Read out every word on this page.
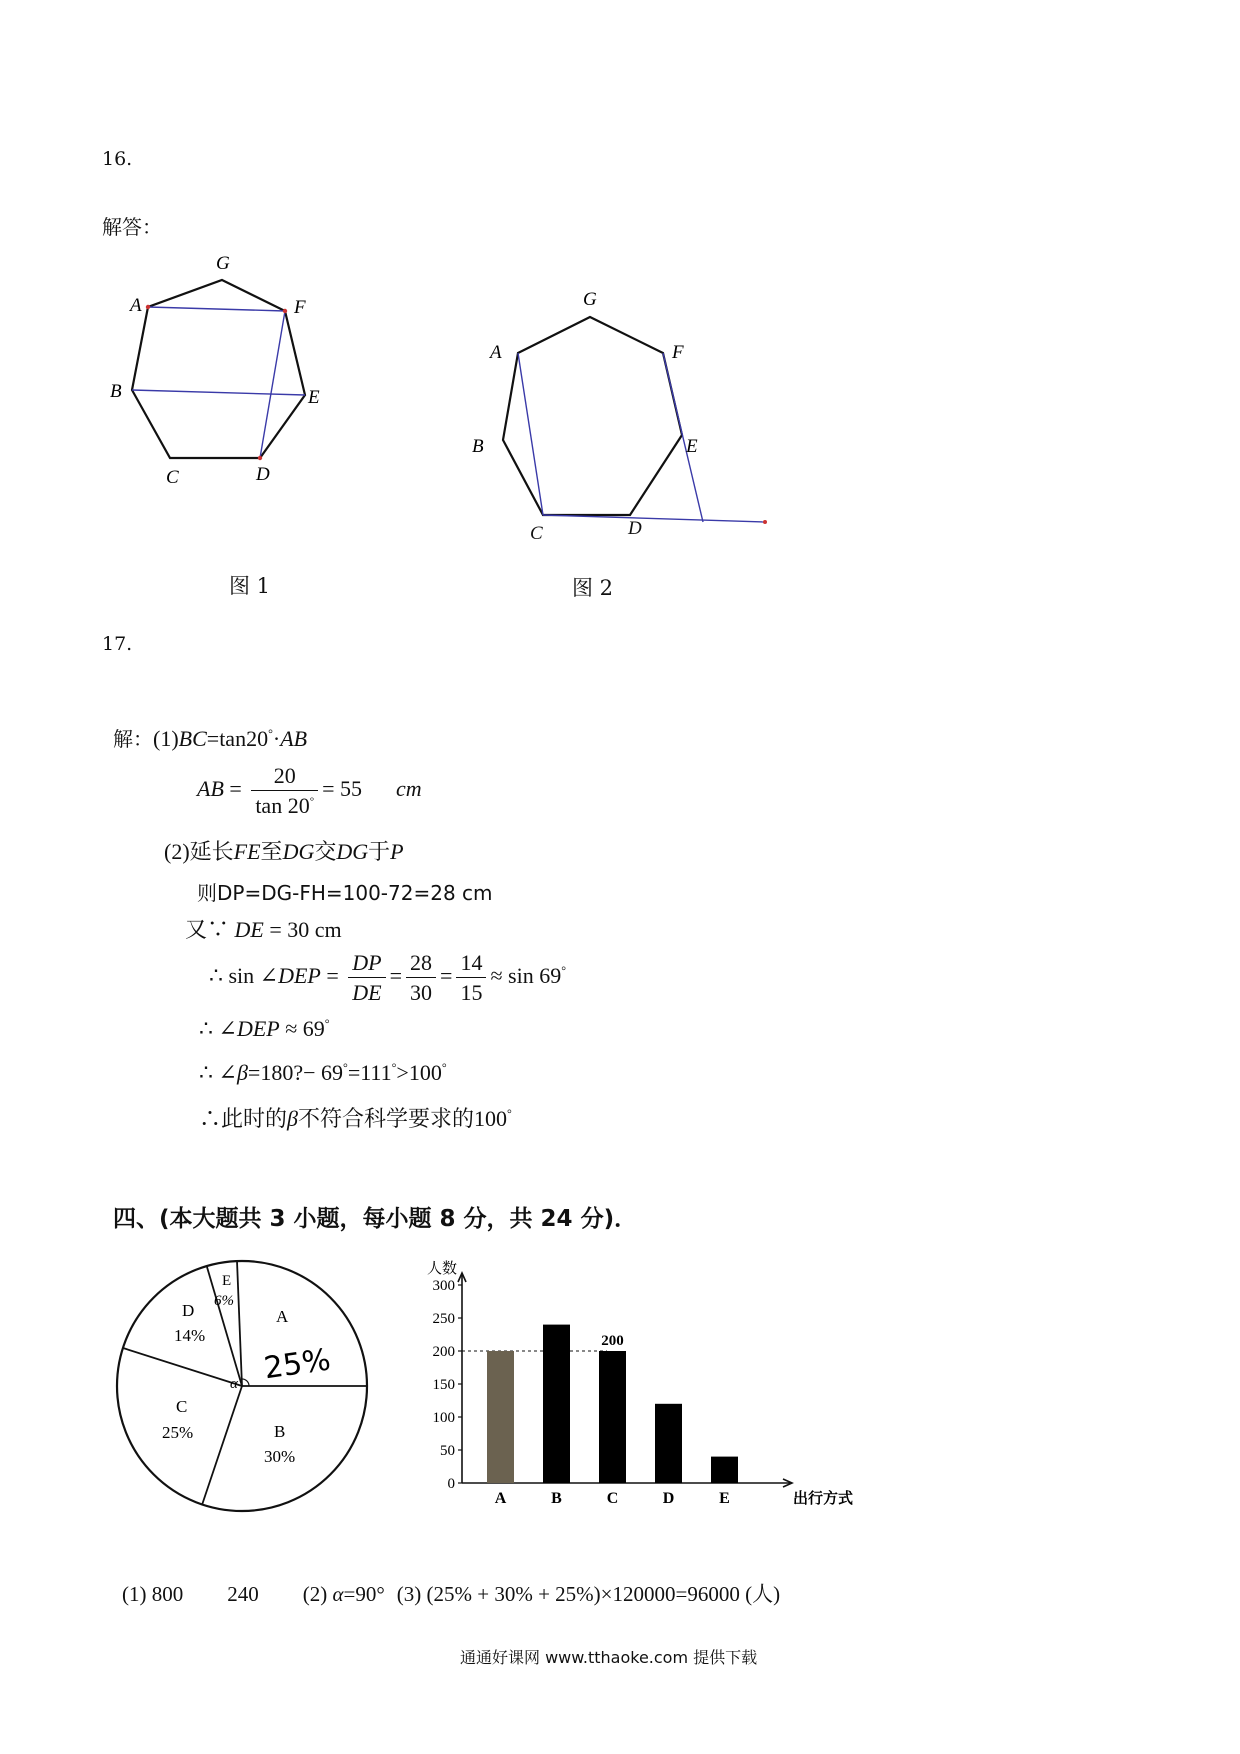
16.
解答：
G
A	F
B	E
C	D
图 1
G
A	F
B	E
C	D
图 2
17.
解：(1)BC=tan20°·AB
AB = $\frac{20}{\tan 20^\circ} = 55$ cm
(2)延长FE至DG交DG于P
则DP=DG-FH=100-72=28 cm
又∵ DE = 30 cm
∴ sin ∠DEP = $\frac{DP}{DE} = \frac{28}{30} = \frac{14}{15} \approx \sin 69^\circ$
∴ ∠DEP ≈ 69°
∴ ∠β=180?− 69°=111°>100°
∴此时的β不符合科学要求的100°
四、(本大题共 3 小题，每小题 8 分，共 24 分)．
α
A
25%
B
30%
C
25%
D
14%
E
6%
0
50
100
150
200
250
300
A	B	C	D	E
200
人数
出行方式
(1) 800 240 (2) α=90° (3) (25% + 30% + 25%)×120000=96000 (人)
通通好课网 www.tthaoke.com 提供下载
